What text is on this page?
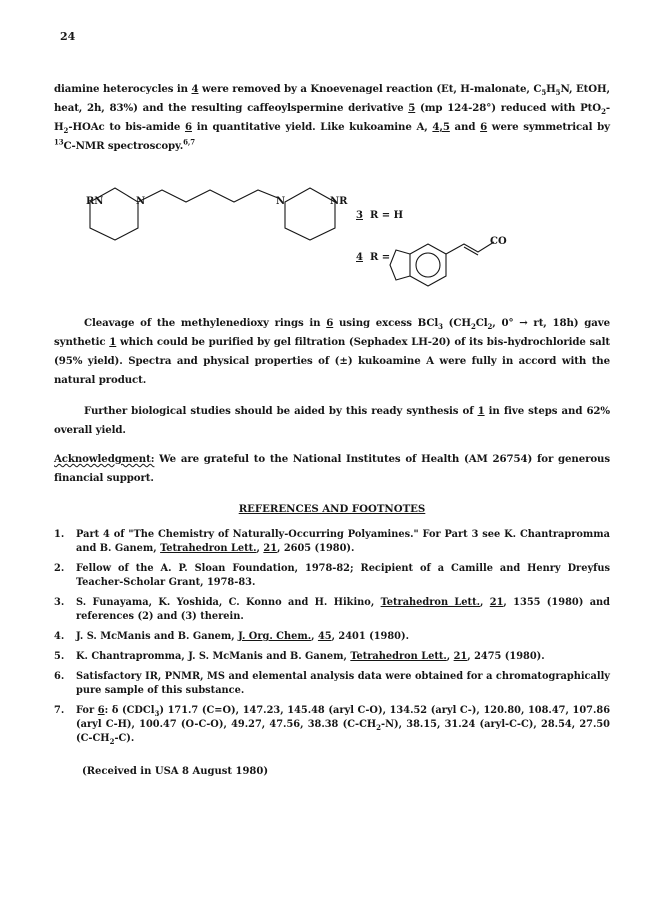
24
diamine heterocycles in 4 were removed by a Knoevenagel reaction (Et, H-malonate, $C_5H_5N$, EtOH, heat, 2h, 83%) and the resulting caffeoylspermine derivative 5 (mp 124-28°) reduced with $PtO_2-H_2$-HOAc to bis-amide 6 in quantitative yield. Like kukoamine A, 4,5 and 6 were symmetrical by $^{13}$C-NMR spectroscopy.$^{6,7}$
RN	N	N	NR
3 R = H
4 R =
CO
Cleavage of the methylenedioxy rings in 6 using excess BCl$_3$ ($CH_2Cl_2$, 0° → rt, 18h) gave synthetic 1 which could be purified by gel filtration (Sephadex LH-20) of its bis-hydrochloride salt (95% yield). Spectra and physical properties of (±) kukoamine A were fully in accord with the natural product.
Further biological studies should be aided by this ready synthesis of 1 in five steps and 62% overall yield.
Acknowledgment: We are grateful to the National Institutes of Health (AM 26754) for generous financial support.
REFERENCES AND FOOTNOTES
1. Part 4 of "The Chemistry of Naturally-Occurring Polyamines." For Part 3 see K. Chantrapromma and B. Ganem, Tetrahedron Lett., 21, 2605 (1980).
2. Fellow of the A. P. Sloan Foundation, 1978-82; Recipient of a Camille and Henry Dreyfus Teacher-Scholar Grant, 1978-83.
3. S. Funayama, K. Yoshida, C. Konno and H. Hikino, Tetrahedron Lett., 21, 1355 (1980) and references (2) and (3) therein.
4. J. S. McManis and B. Ganem, J. Org. Chem., 45, 2401 (1980).
5. K. Chantrapromma, J. S. McManis and B. Ganem, Tetrahedron Lett., 21, 2475 (1980).
6. Satisfactory IR, PNMR, MS and elemental analysis data were obtained for a chromatographically pure sample of this substance.
7. For 6: δ (CDCl$_3$) 171.7 (C=O), 147.23, 145.48 (aryl C-O), 134.52 (aryl C-), 120.80, 108.47, 107.86 (aryl C-H), 100.47 (O-C-O), 49.27, 47.56, 38.38 $(C-CH_2-N)$, 38.15, 31.24 (aryl-C-C), 28.54, 27.50 $(C-CH_2-C)$.
(Received in USA 8 August 1980)
